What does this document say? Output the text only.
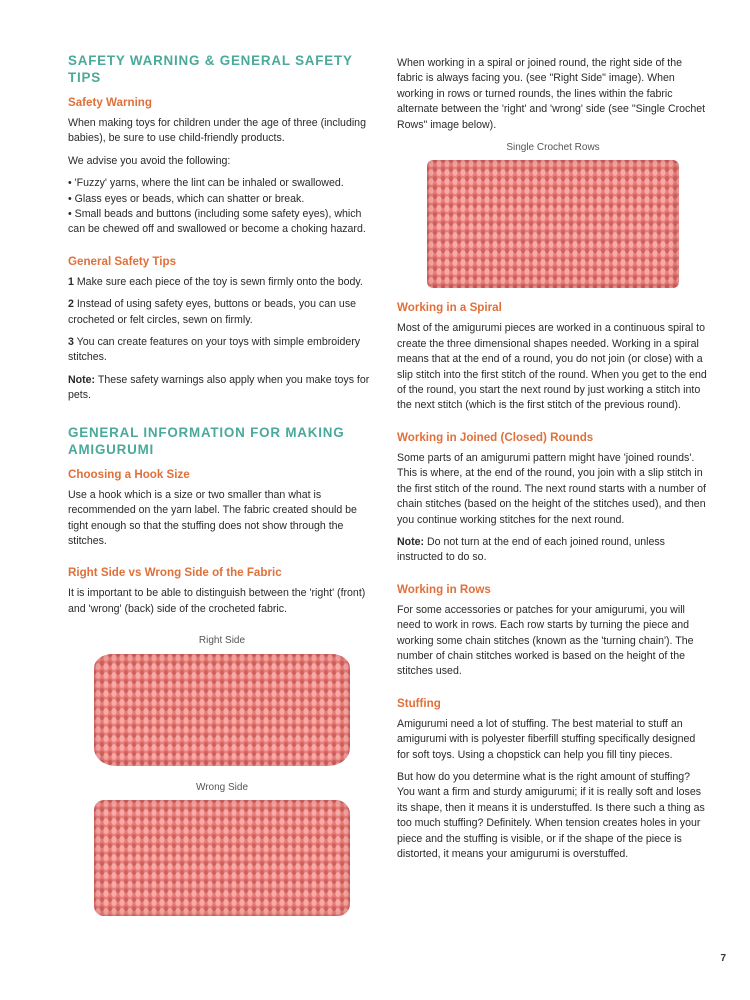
SAFETY WARNING & GENERAL SAFETY TIPS
Safety Warning

When making toys for children under the age of three (including babies), be sure to use child-friendly products.

We advise you avoid the following:

• 'Fuzzy' yarns, where the lint can be inhaled or swallowed.
• Glass eyes or beads, which can shatter or break.
• Small beads and buttons (including some safety eyes), which can be chewed off and swallowed or become a choking hazard.
General Safety Tips

1 Make sure each piece of the toy is sewn firmly onto the body.

2 Instead of using safety eyes, buttons or beads, you can use crocheted or felt circles, sewn on firmly.

3 You can create features on your toys with simple embroidery stitches.

Note: These safety warnings also apply when you make toys for pets.

GENERAL INFORMATION FOR MAKING AMIGURUMI
Choosing a Hook Size

Use a hook which is a size or two smaller than what is recommended on the yarn label. The fabric created should be tight enough so that the stuffing does not show through the stitches.

Right Side vs Wrong Side of the Fabric

It is important to be able to distinguish between the 'right' (front) and 'wrong' (back) side of the crocheted fabric.

Right Side
Wrong Side

When working in a spiral or joined round, the right side of the fabric is always facing you. (see "Right Side" image). When working in rows or turned rounds, the lines within the fabric alternate between the 'right' and 'wrong' side (see "Single Crochet Rows" image below).

Single Crochet Rows
Working in a Spiral

Most of the amigurumi pieces are worked in a continuous spiral to create the three dimensional shapes needed. Working in a spiral means that at the end of a round, you do not join (or close) with a slip stitch into the first stitch of the round. When you get to the end of the round, you start the next round by just working a stitch into the next stitch (which is the first stitch of the previous round).

Working in Joined (Closed) Rounds

Some parts of an amigurumi pattern might have 'joined rounds'. This is where, at the end of the round, you join with a slip stitch in the first stitch of the round. The next round starts with a number of chain stitches (based on the height of the stitches used), and then you continue working stitches for the next round.

Note: Do not turn at the end of each joined round, unless instructed to do so.

Working in Rows

For some accessories or patches for your amigurumi, you will need to work in rows. Each row starts by turning the piece and working some chain stitches (known as the 'turning chain'). The number of chain stitches worked is based on the height of the stitches used.

Stuffing

Amigurumi need a lot of stuffing. The best material to stuff an amigurumi with is polyester fiberfill stuffing specifically designed for soft toys. Using a chopstick can help you fill tiny pieces.

But how do you determine what is the right amount of stuffing? You want a firm and sturdy amigurumi; if it is really soft and loses its shape, then it means it is understuffed. Is there such a thing as too much stuffing? Definitely. When tension creates holes in your piece and the stuffing is visible, or if the shape of the piece is distorted, it means your amigurumi is overstuffed.

7
